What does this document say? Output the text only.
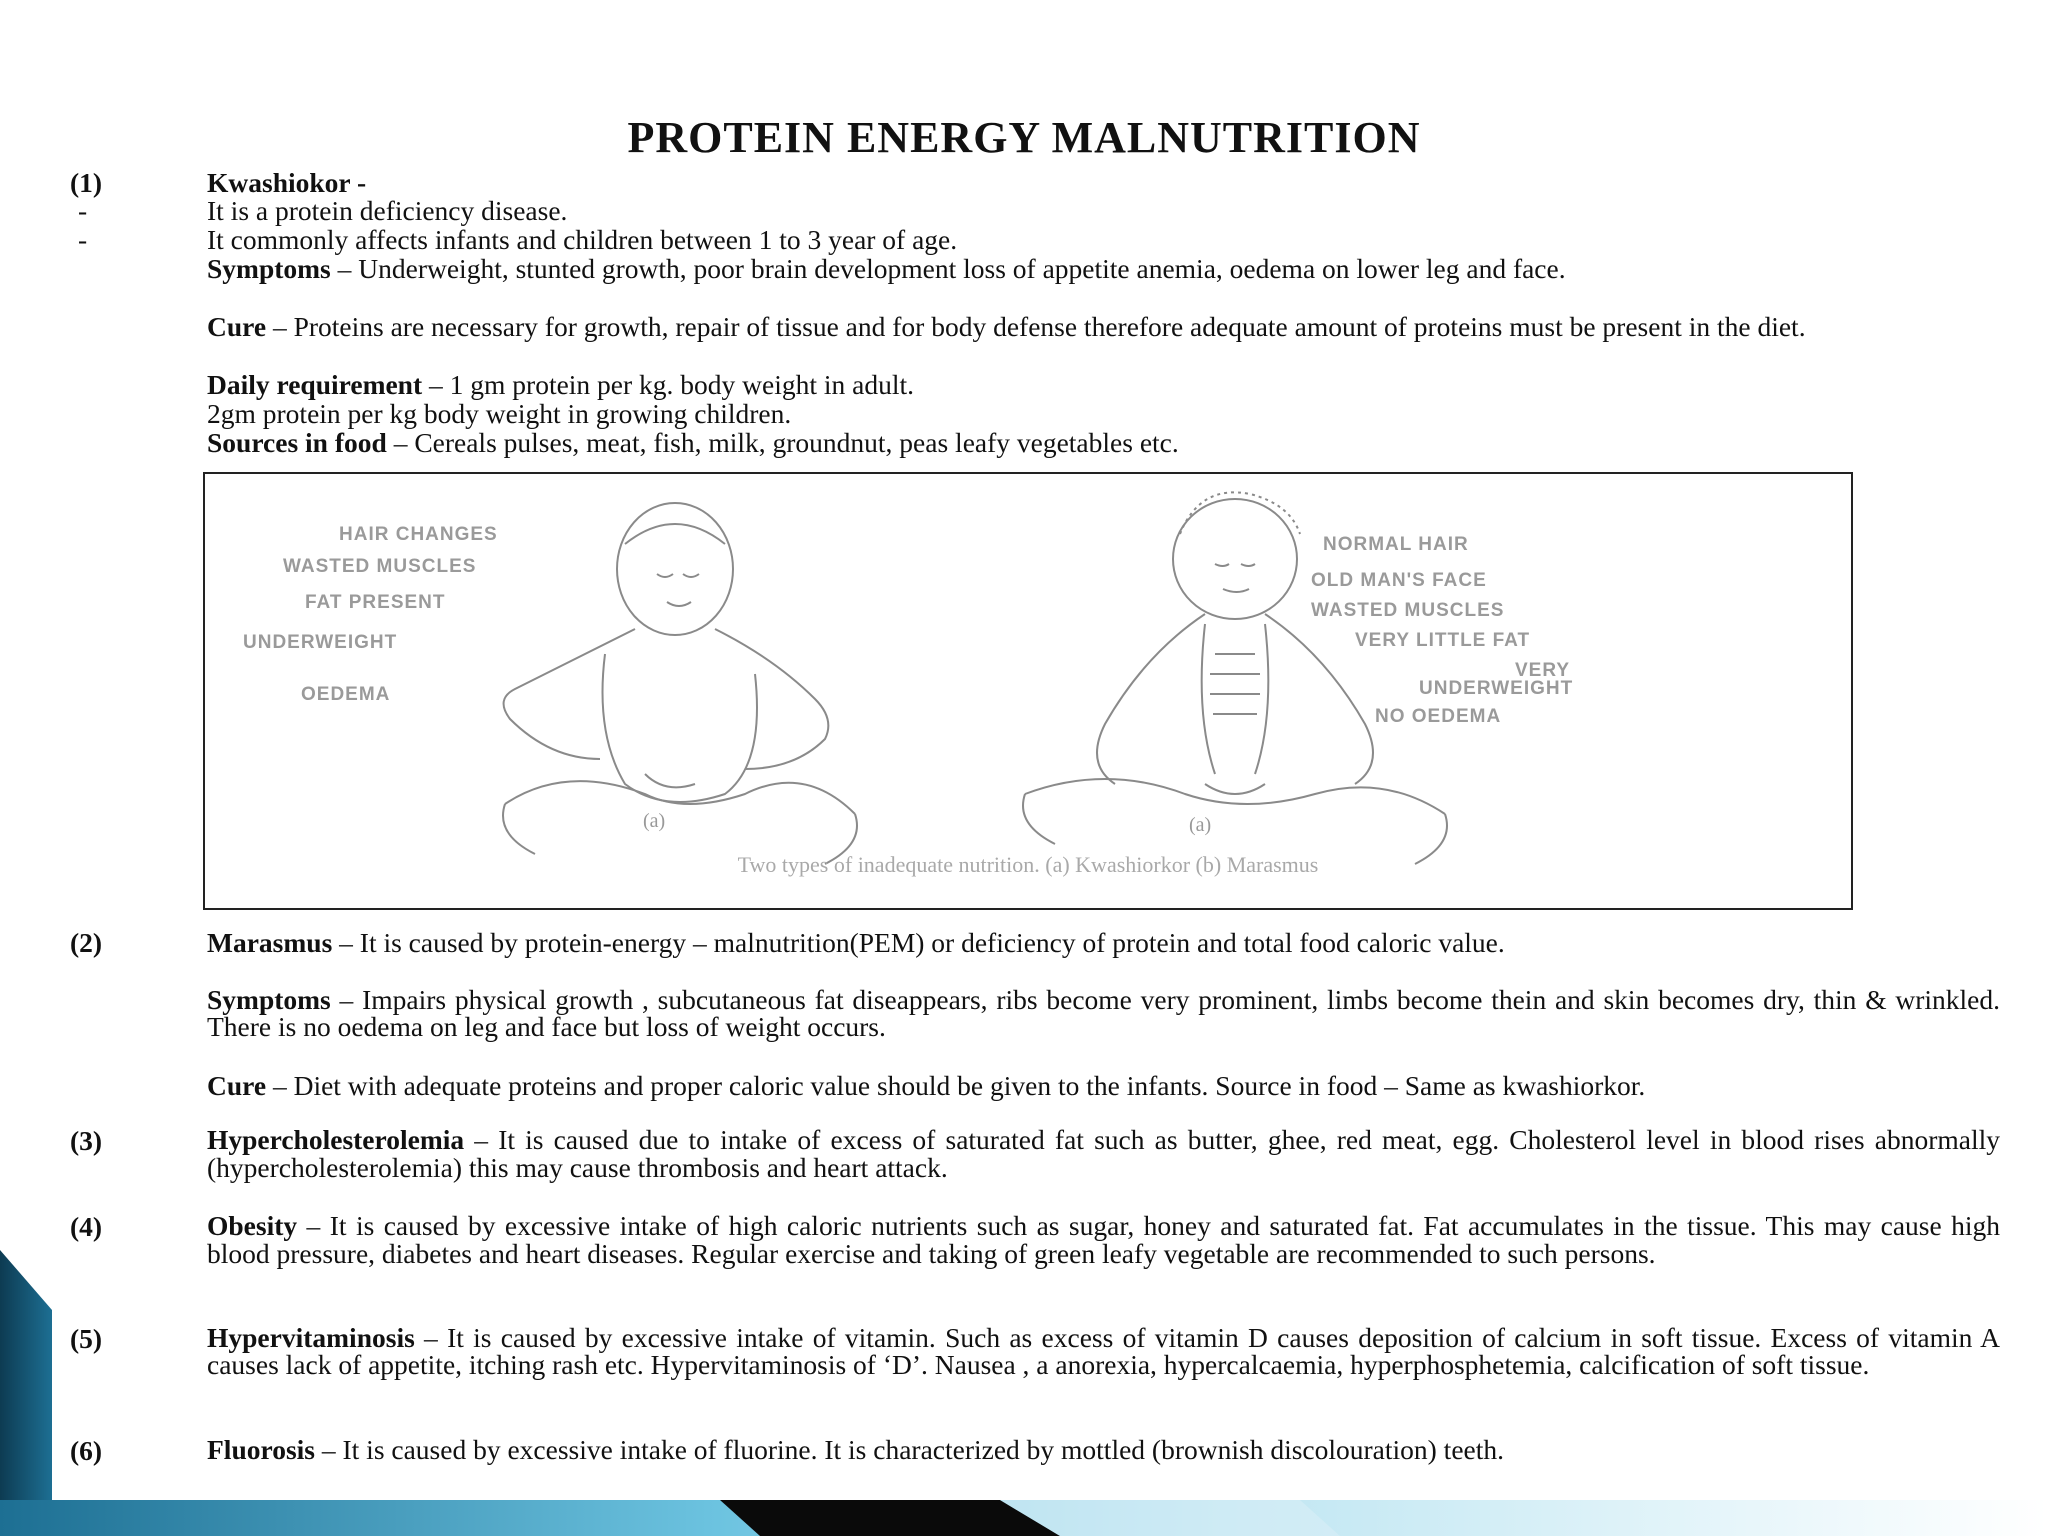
PROTEIN ENERGY MALNUTRITION
(1)	Kwashiokor -
-	It is a protein deficiency disease.
-	It commonly affects infants and children between 1 to 3 year of age.
Symptoms – Underweight, stunted growth, poor brain development loss of appetite anemia, oedema on lower leg and face.
Cure – Proteins are necessary for growth, repair of tissue and for body defense therefore adequate amount of proteins must be present in the diet.
Daily requirement – 1 gm protein per kg. body weight in adult.
2gm protein per kg body weight in growing children.
Sources in food – Cereals pulses, meat, fish, milk, groundnut, peas leafy vegetables etc.
(2)	Marasmus – It is caused by protein-energy – malnutrition(PEM) or deficiency of protein and total food caloric value.
Symptoms – Impairs physical growth , subcutaneous fat diseappears, ribs become very prominent, limbs become thein and skin becomes dry, thin & wrinkled. There is no oedema on leg and face but loss of weight occurs.
Cure – Diet with adequate proteins and proper caloric value should be given to the infants. Source in food – Same as kwashiorkor.
(3)	Hypercholesterolemia – It is caused due to intake of excess of saturated fat such as butter, ghee, red meat, egg. Cholesterol level in blood rises abnormally (hypercholesterolemia) this may cause thrombosis and heart attack.
(4)	Obesity – It is caused by excessive intake of high caloric nutrients such as sugar, honey and saturated fat. Fat accumulates in the tissue. This may cause high blood pressure, diabetes and heart diseases. Regular exercise and taking of green leafy vegetable are recommended to such persons.
(5)	Hypervitaminosis – It is caused by excessive intake of vitamin. Such as excess of vitamin D causes deposition of calcium in soft tissue. Excess of vitamin A causes lack of appetite, itching rash etc. Hypervitaminosis of ‘D’. Nausea , a anorexia, hypercalcaemia, hyperphosphetemia, calcification of soft tissue.
(6)	Fluorosis – It is caused by excessive intake of fluorine. It is characterized by mottled (brownish discolouration) teeth.
HAIR CHANGES
WASTED MUSCLES
FAT PRESENT
UNDERWEIGHT
OEDEMA
NORMAL HAIR
OLD MAN'S FACE
WASTED MUSCLES
VERY LITTLE FAT
VERY
UNDERWEIGHT
NO OEDEMA
(a)	(a)
Two types of inadequate nutrition. (a) Kwashiorkor (b) Marasmus
